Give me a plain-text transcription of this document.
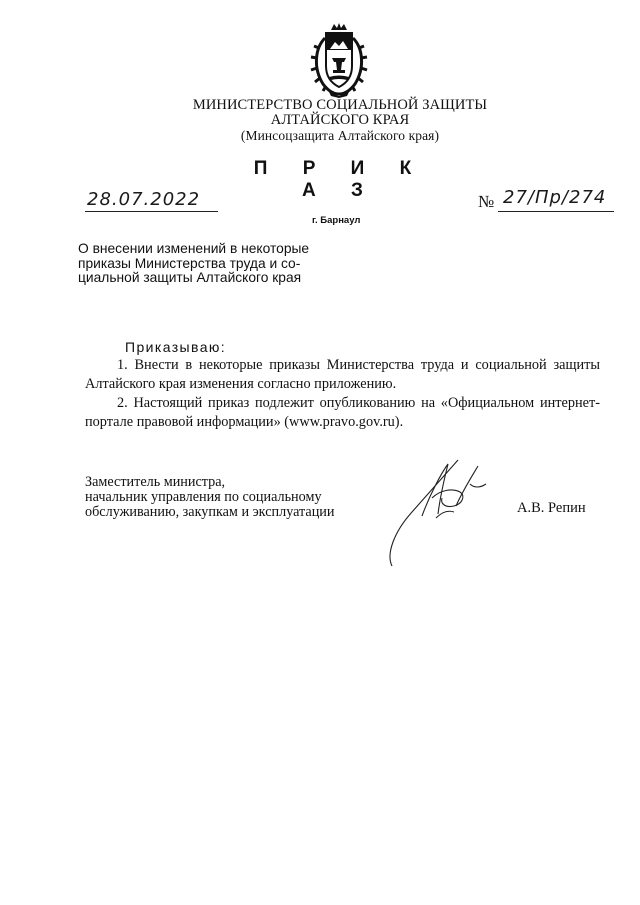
МИНИСТЕРСТВО СОЦИАЛЬНОЙ ЗАЩИТЫ
АЛТАЙСКОГО КРАЯ
(Минсоцзащита Алтайского края)
П Р И К А З
28.07.2022
г. Барнаул
№ 27/Пр/274
О внесении изменений в некоторые
приказы Министерства труда и со-
циальной защиты Алтайского края
Приказываю:
1. Внести в некоторые приказы Министерства труда и социальной защиты Алтайского края изменения согласно приложению.
2. Настоящий приказ подлежит опубликованию на «Официальном интернет-портале правовой информации» (www.pravo.gov.ru).
Заместитель министра,
начальник управления по социальному
обслуживанию, закупкам и эксплуатации	А.В. Репин
